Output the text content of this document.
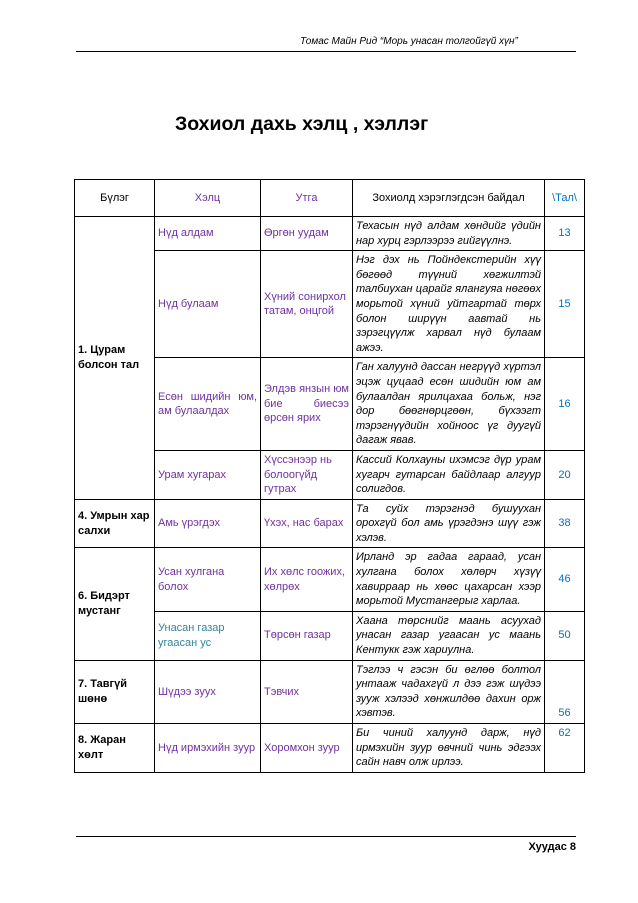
Томас Майн Рид “Морь унасан толгойгүй хүн”
Зохиол дахь хэлц , хэллэг
Бүлэг	Хэлц	Утга	Зохиолд хэрэглэгдсэн байдал	\Тал\
1. Цурам болсон тал	Нүд алдам	Өргөн уудам	Техасын нүд алдам хөндийг үдийн нар хурц гэрлээрээ гийгүүлнэ.	13
	Нүд булаам	Хүний сонирхол татам, онцгой	Нэг дэх нь Пойндекстерийн хүү бөгөөд түүний хөгжилтэй талбиухан царайг ялангуяа нөгөөх морьтой хүний уйтгартай төрх болон ширүүн аавтай нь зэрэгцүүлж харвал нүд булаам ажээ.	15
	Есөн шидийн юм, ам булаалдах	Элдэв янзын юм бие биесээ өрсөн ярих	Ган халуунд дассан негрүүд хүртэл эцэж цуцаад есөн шидийн юм ам булаалдан ярилцахаа больж, нэг дор бөөгнөрцгөөн, бүхээгт тэрэгнүүдийн хойноос үг дуугүй дагаж явав.	16
	Урам хугарах	Хүссэнээр нь болоогүйд гутрах	Кассий Колхауны ихэмсэг дүр урам хугарч гутарсан байдлаар алгуур солигдов.	20
4. Умрын хар салхи	Амь үрэгдэх	Үхэх, нас барах	Та суйх тэрэгнэд бушуухан орохгүй бол амь үрэгдэнэ шүү гэж хэлэв.	38
6. Бидэрт мустанг	Усан хулгана болох	Их хөлс гоожих, хөлрөх	Ирланд эр гадаа гараад, усан хулгана болох хөлөрч хүзүү хавирраар нь хөөс цахарсан хээр морьтой Мустангерыг харлаа.	46
	Унасан газар угаасан ус	Төрсөн газар	Хаана төрснийг маань асуухад унасан газар угаасан ус маань Кентукк гэж хариулна.	50
7. Тавгүй шөнө	Шүдээ зуух	Тэвчих	Тэглээ ч гэсэн би өглөө болтол унтааж чадахгүй л дээ гэж шүдээ зууж хэлээд хөнжилдөө дахин орж хэвтэв.	56
8. Жаран хөлт	Нүд ирмэхийн зуур	Хоромхон зуур	Би чиний халуунд дарж, нүд ирмэхийн зуур өвчний чинь эдгээх сайн навч олж ирлээ.	62
Хуудас 8
